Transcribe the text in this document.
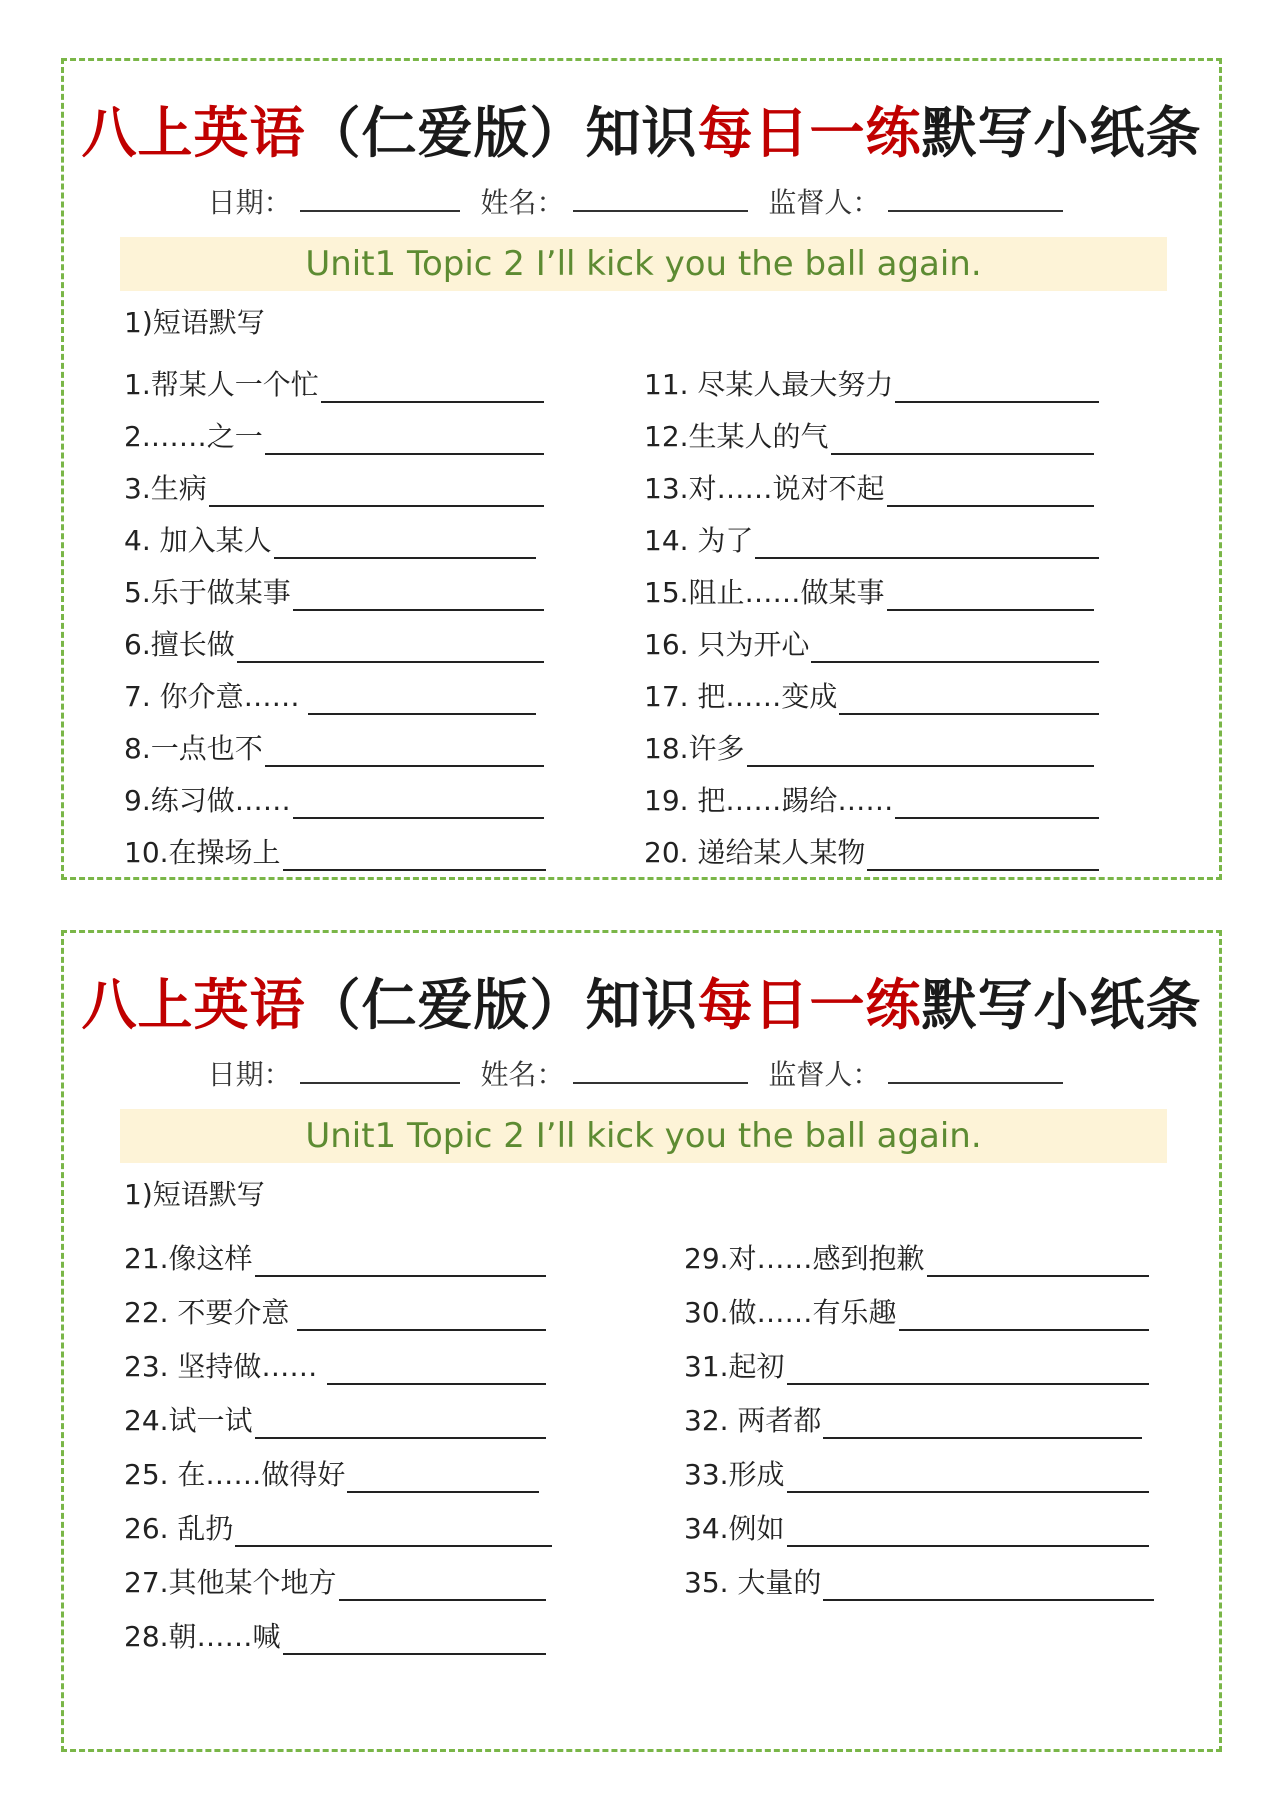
八上英语（仁爱版）知识每日一练默写小纸条
日期：	姓名：	监督人：
Unit1 Topic 2 I’ll kick you the ball again.
1)短语默写
1.帮某人一个忙
2.……之一
3.生病
4. 加入某人
5.乐于做某事
6.擅长做
7. 你介意……
8.一点也不
9.练习做……
10.在操场上
11. 尽某人最大努力
12.生某人的气
13.对……说对不起
14. 为了
15.阻止……做某事
16. 只为开心
17. 把……变成
18.许多
19. 把……踢给……
20. 递给某人某物
八上英语（仁爱版）知识每日一练默写小纸条
日期：	姓名：	监督人：
Unit1 Topic 2 I’ll kick you the ball again.
1)短语默写
21.像这样
22. 不要介意
23. 坚持做……
24.试一试
25. 在……做得好
26. 乱扔
27.其他某个地方
28.朝……喊
29.对……感到抱歉
30.做……有乐趣
31.起初
32. 两者都
33.形成
34.例如
35. 大量的
